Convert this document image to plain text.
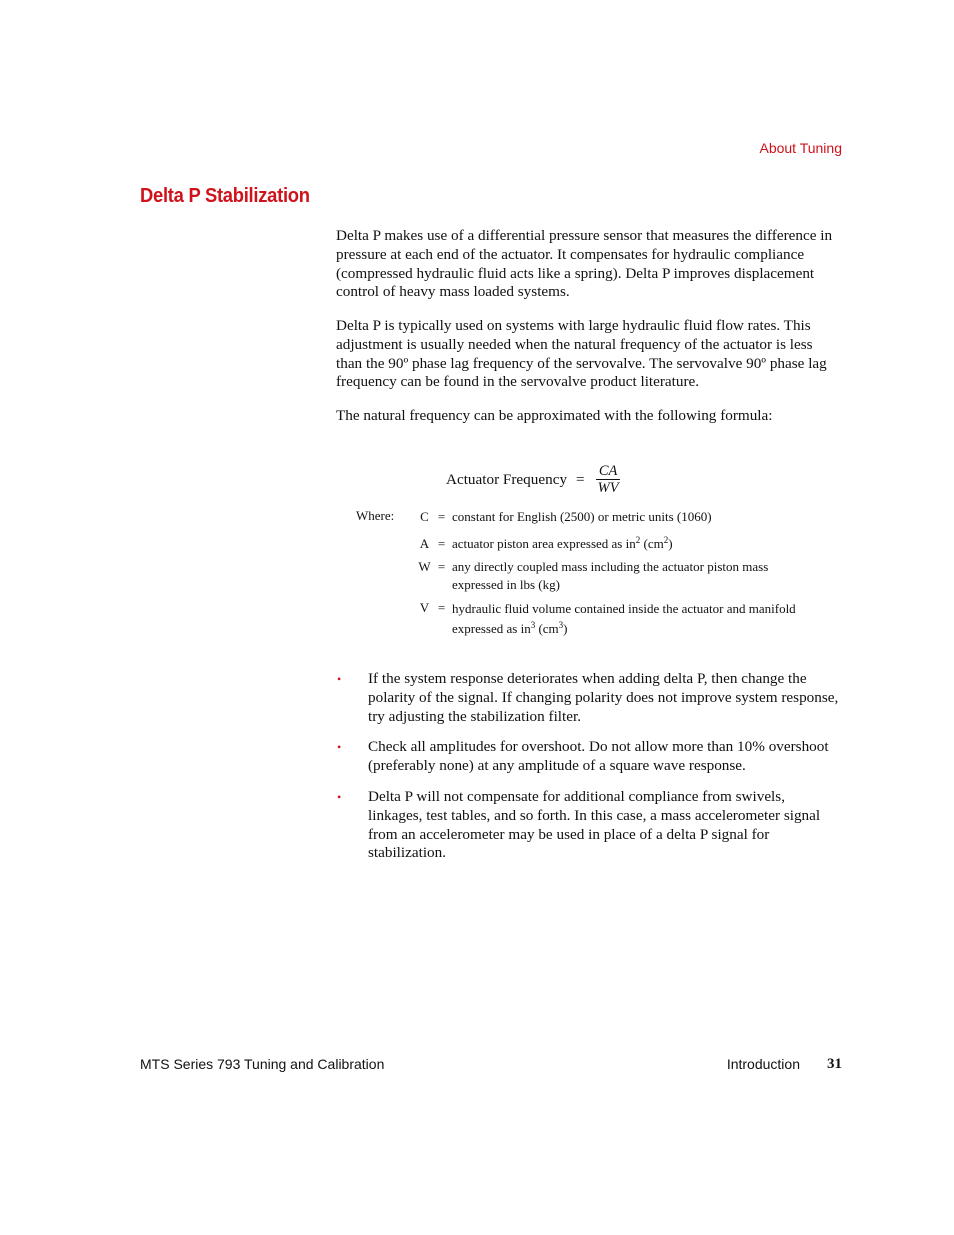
About Tuning
Delta P Stabilization

Delta P makes use of a differential pressure sensor that measures the difference in pressure at each end of the actuator. It compensates for hydraulic compliance (compressed hydraulic fluid acts like a spring). Delta P improves displacement control of heavy mass loaded systems.

Delta P is typically used on systems with large hydraulic fluid flow rates. This adjustment is usually needed when the natural frequency of the actuator is less than the 90º phase lag frequency of the servovalve. The servovalve 90º phase lag frequency can be found in the servovalve product literature.

The natural frequency can be approximated with the following formula:

Actuator Frequency = $\frac{CA}{WV}$
Where: C = constant for English (2500) or metric units (1060)
A = actuator piston area expressed as $in^2$ $(cm^2)$
W = any directly coupled mass including the actuator piston mass expressed in lbs (kg)
V = hydraulic fluid volume contained inside the actuator and manifold expressed as $in^3$ $(cm^3)$
•	If the system response deteriorates when adding delta P, then change the polarity of the signal. If changing polarity does not improve system response, try adjusting the stabilization filter.
•	Check all amplitudes for overshoot. Do not allow more than 10% overshoot (preferably none) at any amplitude of a square wave response.
•	Delta P will not compensate for additional compliance from swivels, linkages, test tables, and so forth. In this case, a mass accelerometer signal from an accelerometer may be used in place of a delta P signal for stabilization.
MTS Series 793 Tuning and Calibration	Introduction 31
